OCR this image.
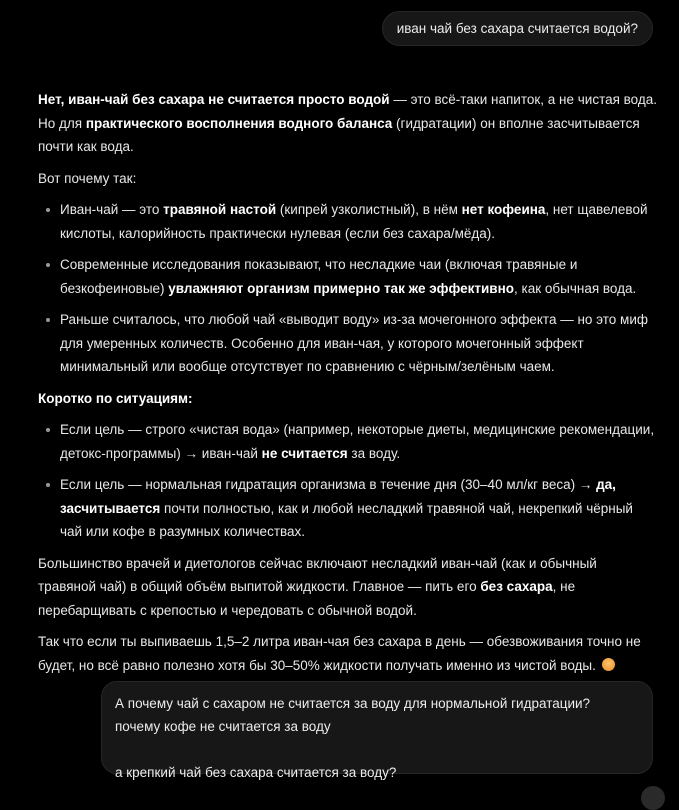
иван чай без сахара считается водой?

Нет, иван-чай без сахара не считается просто водой — это всё-таки напиток, а не чистая вода. Но для практического восполнения водного баланса (гидратации) он вполне засчитывается почти как вода.

Вот почему так:

Иван-чай — это травяной настой (кипрей узколистный), в нём нет кофеина, нет щавелевой кислоты, калорийность практически нулевая (если без сахара/мёда).
Современные исследования показывают, что несладкие чаи (включая травяные и безкофеиновые) увлажняют организм примерно так же эффективно, как обычная вода.
Раньше считалось, что любой чай «выводит воду» из-за мочегонного эффекта — но это миф для умеренных количеств. Особенно для иван-чая, у которого мочегонный эффект минимальный или вообще отсутствует по сравнению с чёрным/зелёным чаем.

Коротко по ситуациям:

Если цель — строго «чистая вода» (например, некоторые диеты, медицинские рекомендации, детокс-программы) → иван-чай не считается за воду.
Если цель — нормальная гидратация организма в течение дня (30–40 мл/кг веса) → да, засчитывается почти полностью, как и любой несладкий травяной чай, некрепкий чёрный чай или кофе в разумных количествах.

Большинство врачей и диетологов сейчас включают несладкий иван-чай (как и обычный травяной чай) в общий объём выпитой жидкости. Главное — пить его без сахара, не перебарщивать с крепостью и чередовать с обычной водой.

Так что если ты выпиваешь 1,5–2 литра иван-чая без сахара в день — обезвоживания точно не будет, но всё равно полезно хотя бы 30–50% жидкости получать именно из чистой воды.

А почему чай с сахаром не считается за воду для нормальной гидратации? почему кофе не считается за воду

а крепкий чай без сахара считается за воду?
